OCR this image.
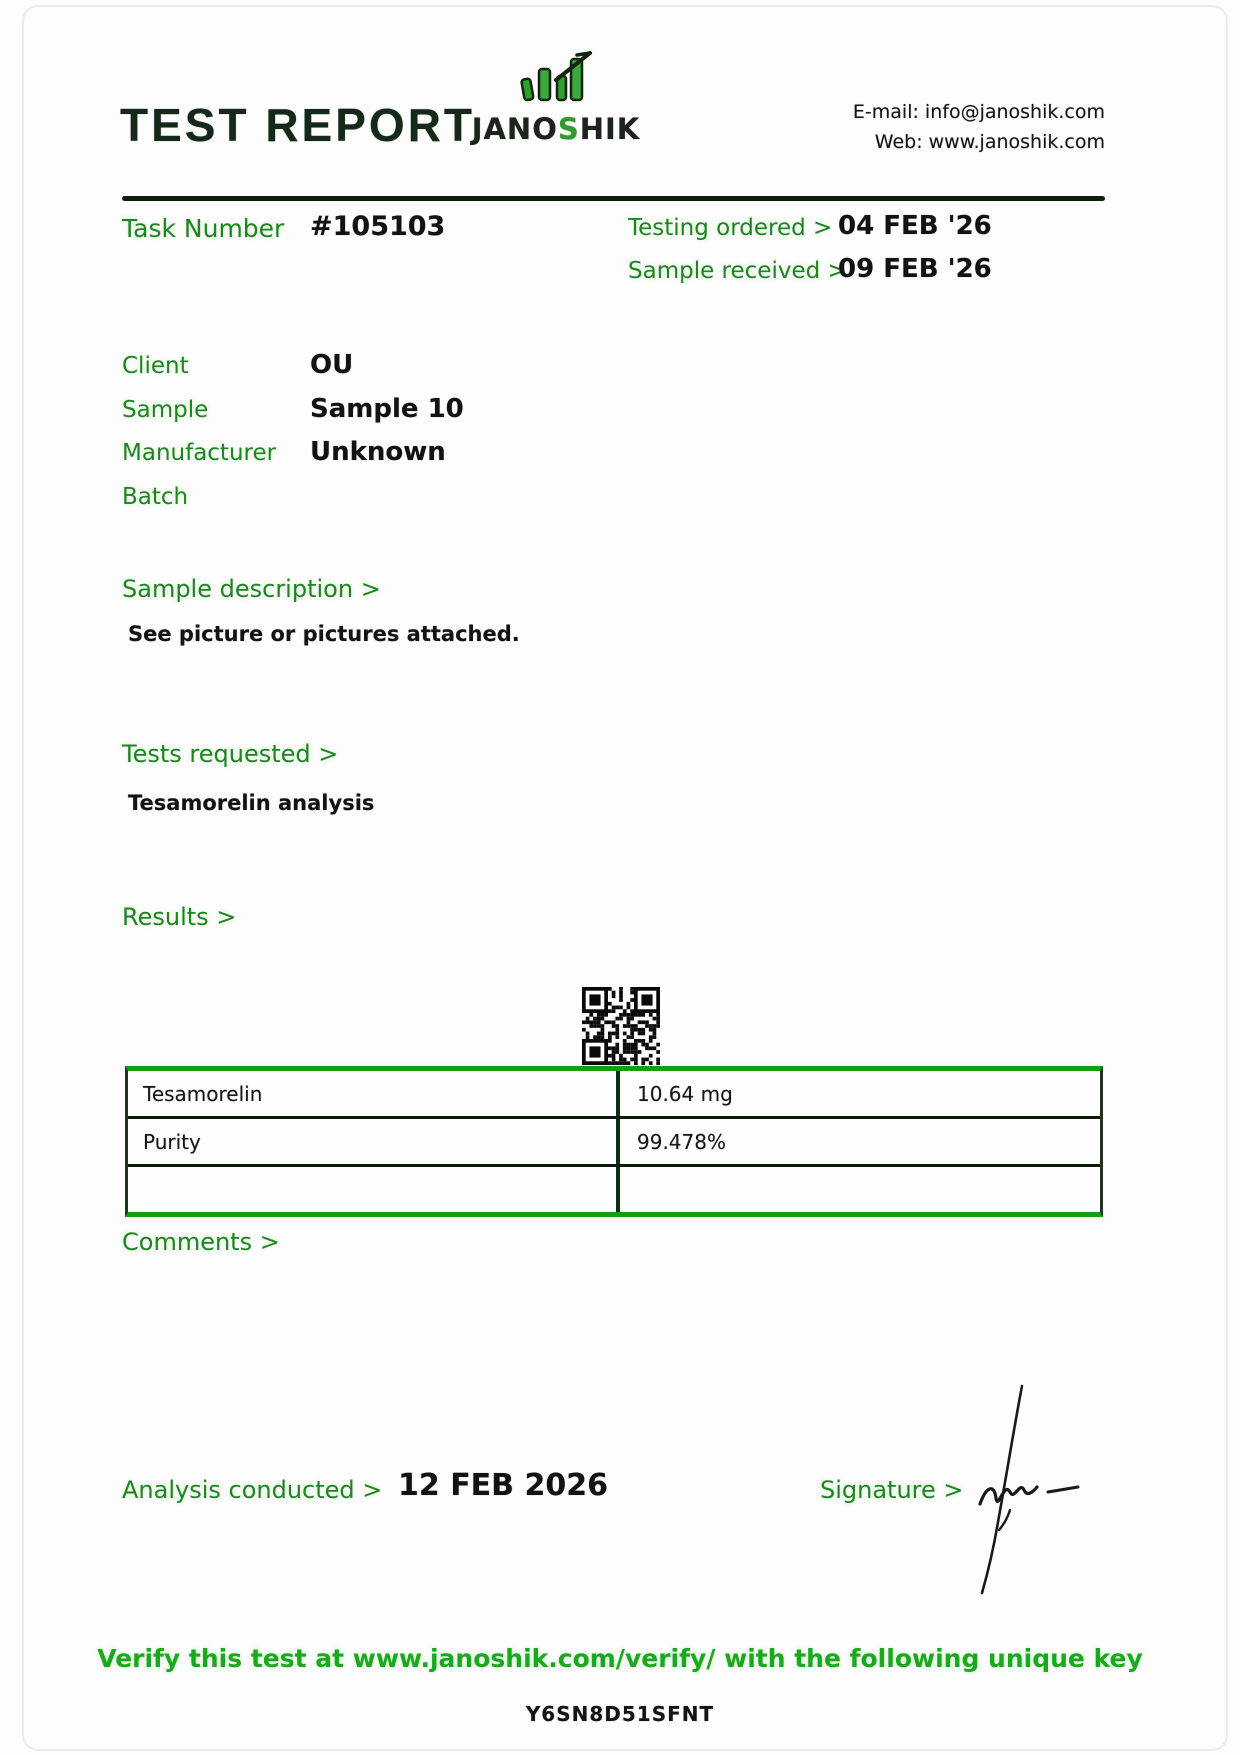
TEST REPORT
JANOSHIK	E-mail: info@janoshik.com
Web: www.janoshik.com
Task Number #105103	Testing ordered > 04 FEB '26
Sample received >
09 FEB '26
Client	OU
Sample	Sample 10
Manufacturer Unknown
Batch
Sample description >
See picture or pictures attached.
Tests requested >
Tesamorelin analysis
Results >
Tesamorelin	10.64 mg
Purity	99.478%
Comments >
Analysis conducted > 12 FEB 2026	Signature >
Verify this test at www.janoshik.com/verify/ with the following unique key
Y6SN8D51SFNT
